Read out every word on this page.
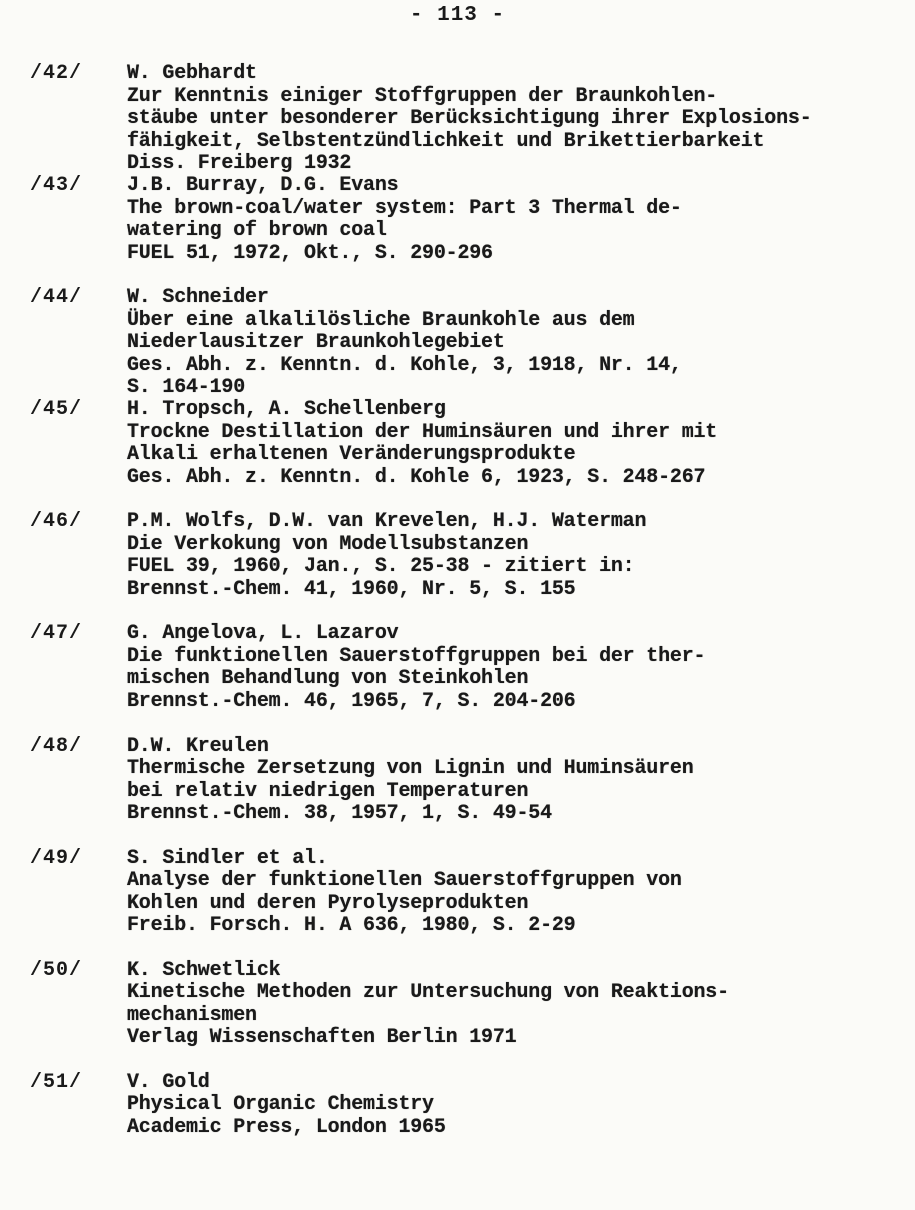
- 113 -
/42/ W. Gebhardt
Zur Kenntnis einiger Stoffgruppen der Braunkohlen-
stäube unter besonderer Berücksichtigung ihrer Explosions-
fähigkeit, Selbstentzündlichkeit und Brikettierbarkeit
Diss. Freiberg 1932
/43/ J.B. Burray, D.G. Evans
The brown-coal/water system: Part 3 Thermal de-
watering of brown coal
FUEL 51, 1972, Okt., S. 290-296
/44/ W. Schneider
Über eine alkalilösliche Braunkohle aus dem
Niederlausitzer Braunkohlegebiet
Ges. Abh. z. Kenntn. d. Kohle, 3, 1918, Nr. 14,
S. 164-190
/45/ H. Tropsch, A. Schellenberg
Trockne Destillation der Huminsäuren und ihrer mit
Alkali erhaltenen Veränderungsprodukte
Ges. Abh. z. Kenntn. d. Kohle 6, 1923, S. 248-267
/46/ P.M. Wolfs, D.W. van Krevelen, H.J. Waterman
Die Verkokung von Modellsubstanzen
FUEL 39, 1960, Jan., S. 25-38 - zitiert in:
Brennst.-Chem. 41, 1960, Nr. 5, S. 155
/47/ G. Angelova, L. Lazarov
Die funktionellen Sauerstoffgruppen bei der ther-
mischen Behandlung von Steinkohlen
Brennst.-Chem. 46, 1965, 7, S. 204-206
/48/ D.W. Kreulen
Thermische Zersetzung von Lignin und Huminsäuren
bei relativ niedrigen Temperaturen
Brennst.-Chem. 38, 1957, 1, S. 49-54
/49/ S. Sindler et al.
Analyse der funktionellen Sauerstoffgruppen von
Kohlen und deren Pyrolyseprodukten
Freib. Forsch. H. A 636, 1980, S. 2-29
/50/ K. Schwetlick
Kinetische Methoden zur Untersuchung von Reaktions-
mechanismen
Verlag Wissenschaften Berlin 1971
/51/ V. Gold
Physical Organic Chemistry
Academic Press, London 1965
